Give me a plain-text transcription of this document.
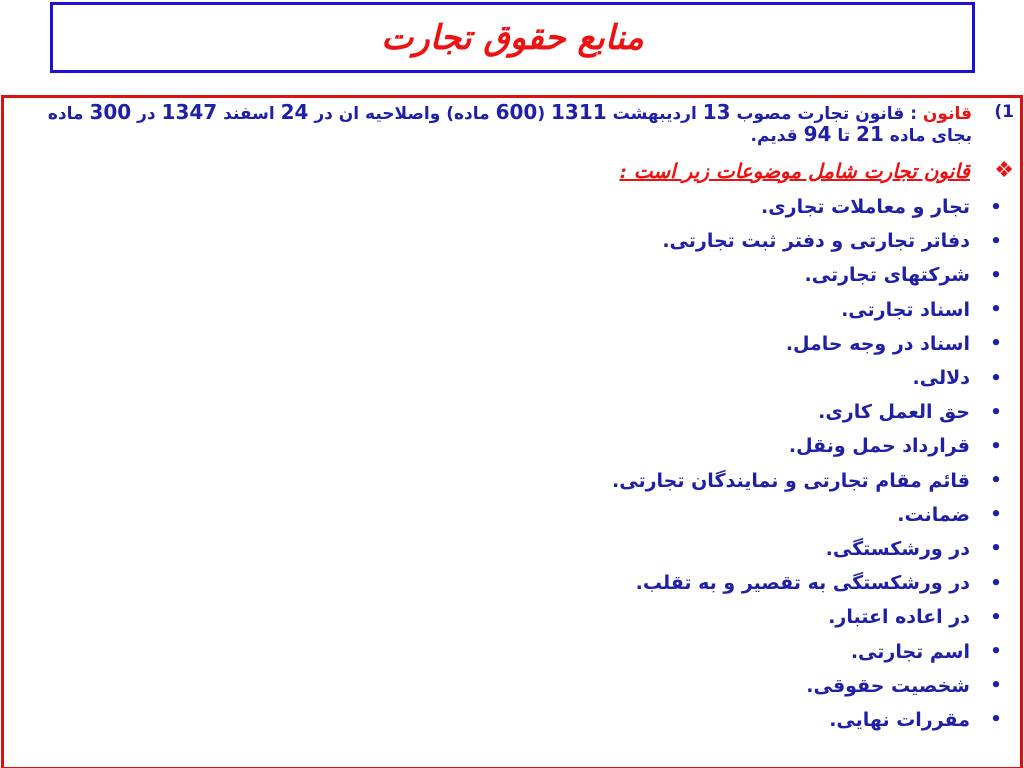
منابع حقوق تجارت
(1
قانون : قانون تجارت مصوب 13 اردیبهشت 1311 (600 ماده) واصلاحیه ان در 24 اسفند 1347 در 300 ماده بجای ماده 21 تا 94 قدیم.
❖
قانون تجارت شامل موضوعات زیر است :
•
تجار و معاملات تجاری.
•
دفاتر تجارتی و دفتر ثبت تجارتی.
•
شرکتهای تجارتی.
•
اسناد تجارتی.
•
اسناد در وجه حامل.
•
دلالی.
•
حق العمل کاری.
•
قرارداد حمل ونقل.
•
قائم مقام تجارتی و نمایندگان تجارتی.
•
ضمانت.
•
در ورشکستگی.
•
در ورشکستگی به تقصیر و به تقلب.
•
در اعاده اعتبار.
•
اسم تجارتی.
•
شخصیت حقوقی.
•
مقررات نهایی.
